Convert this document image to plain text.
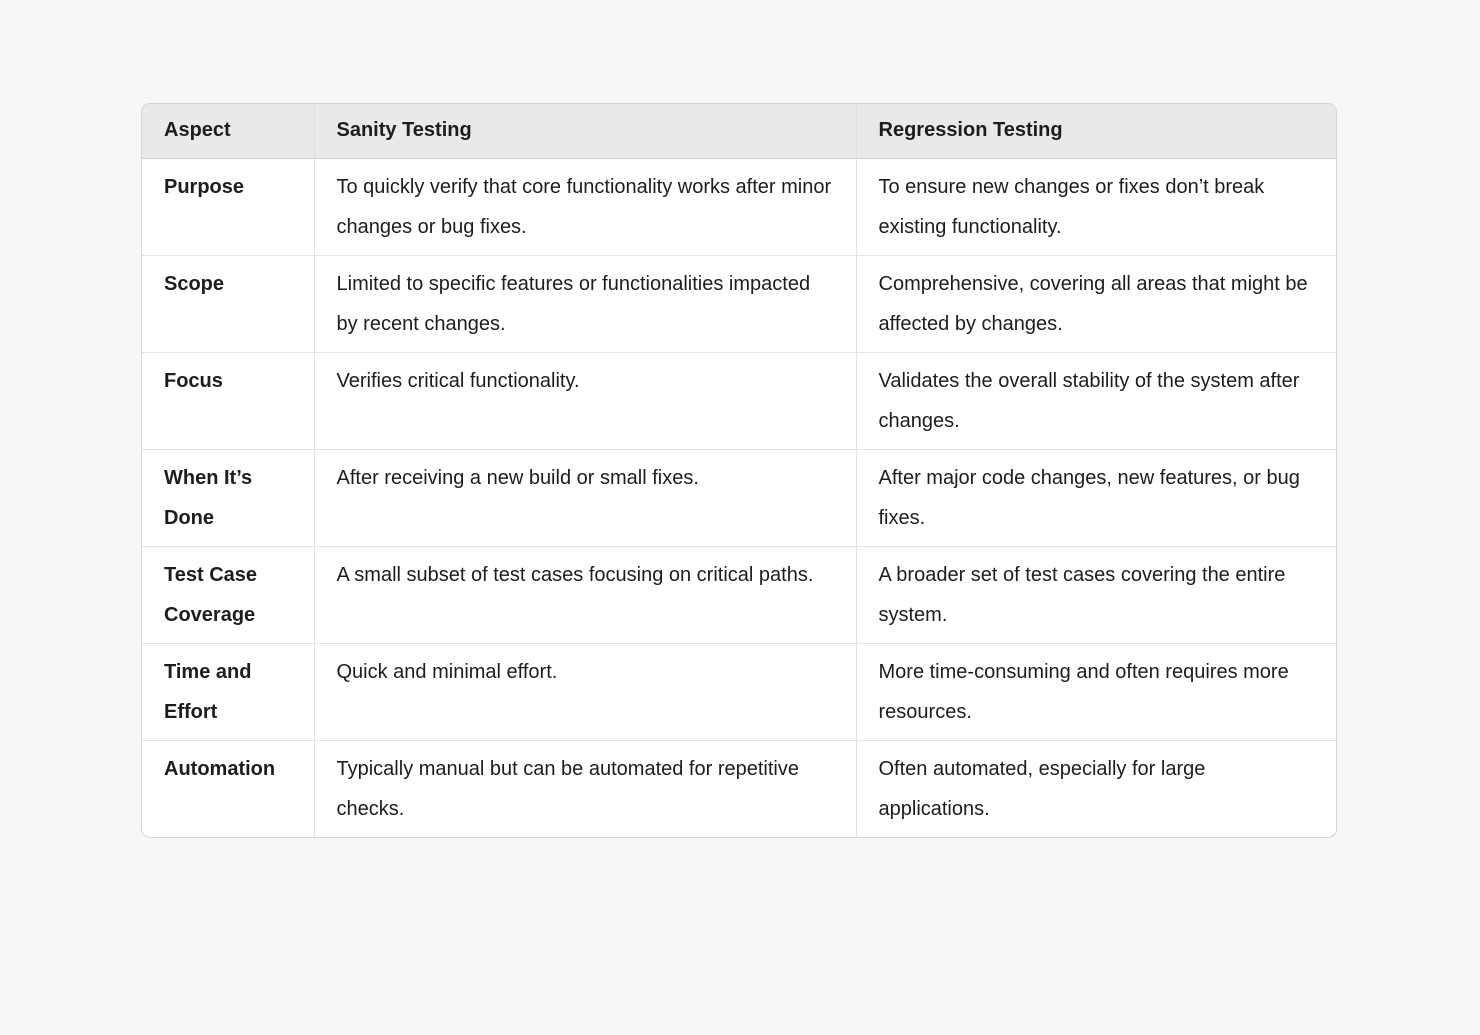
Aspect	Sanity Testing	Regression Testing
Purpose	To quickly verify that core functionality works after minor changes or bug fixes.	To ensure new changes or fixes don’t break existing functionality.
Scope	Limited to specific features or functionalities impacted by recent changes.	Comprehensive, covering all areas that might be affected by changes.
Focus	Verifies critical functionality.	Validates the overall stability of the system after changes.
When It’s Done	After receiving a new build or small fixes.	After major code changes, new features, or bug fixes.
Test Case Coverage	A small subset of test cases focusing on critical paths.	A broader set of test cases covering the entire system.
Time and Effort	Quick and minimal effort.	More time-consuming and often requires more resources.
Automation	Typically manual but can be automated for repetitive checks.	Often automated, especially for large applications.
